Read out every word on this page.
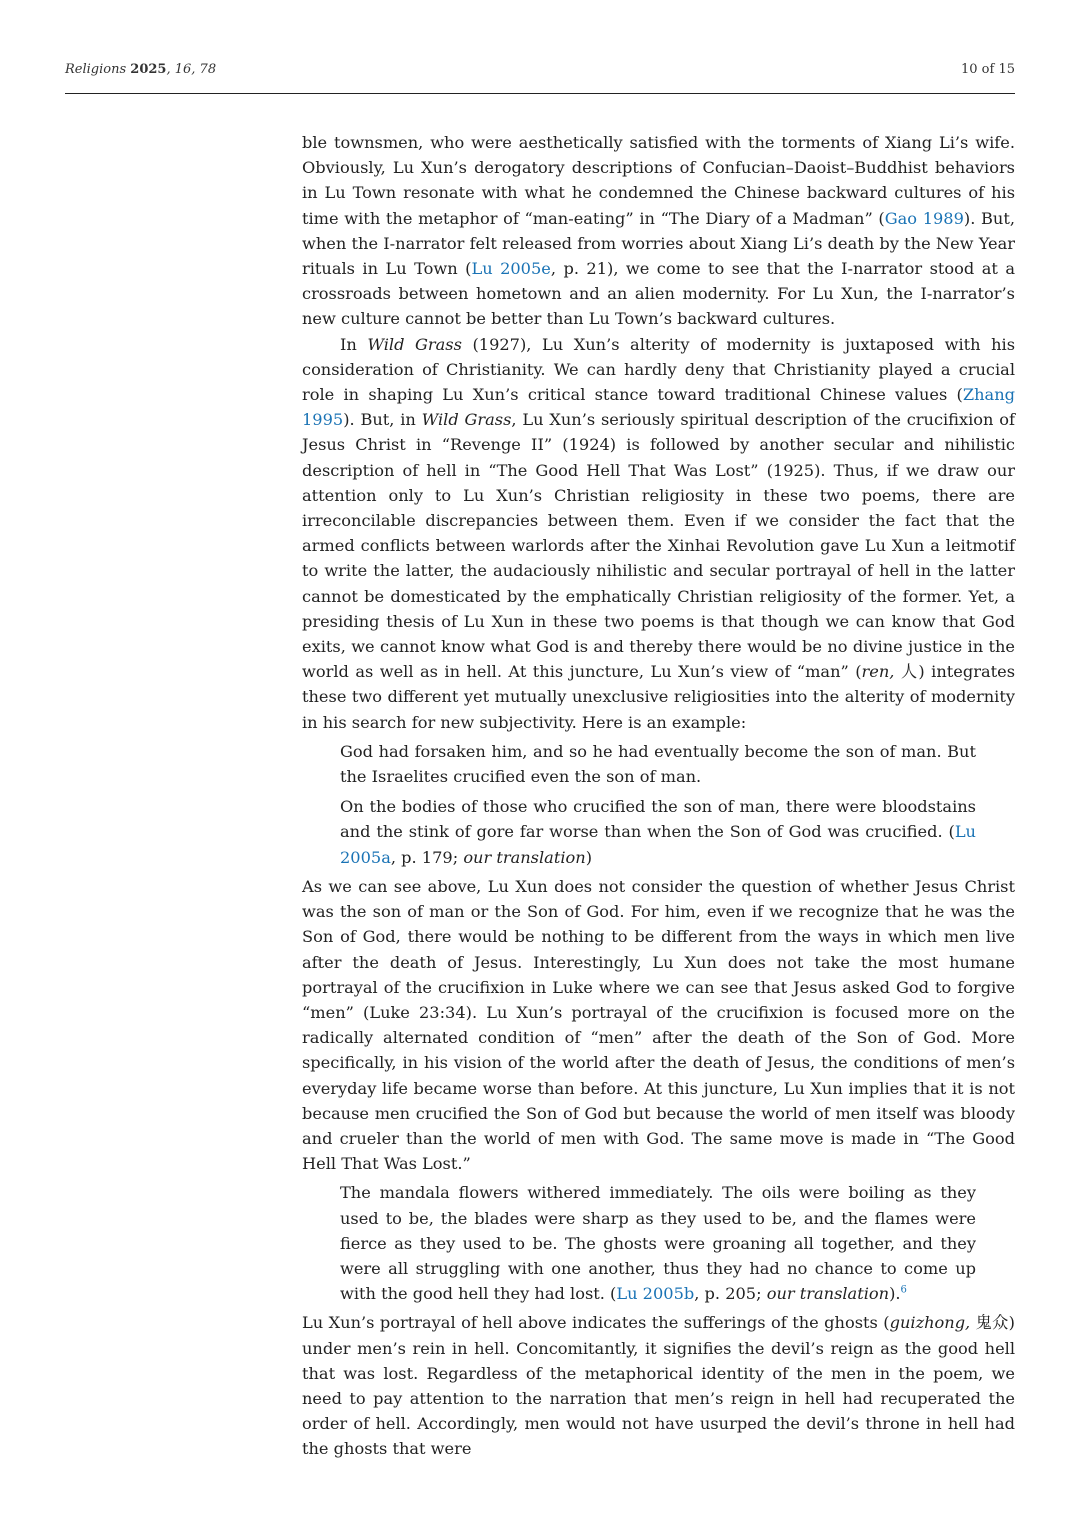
Religions 2025, 16, 78	10 of 15

ble townsmen, who were aesthetically satisfied with the torments of Xiang Li’s wife. Obviously, Lu Xun’s derogatory descriptions of Confucian–Daoist–Buddhist behaviors in Lu Town resonate with what he condemned the Chinese backward cultures of his time with the metaphor of “man-eating” in “The Diary of a Madman” (Gao 1989). But, when the I-narrator felt released from worries about Xiang Li’s death by the New Year rituals in Lu Town (Lu 2005e, p. 21), we come to see that the I-narrator stood at a crossroads between hometown and an alien modernity. For Lu Xun, the I-narrator’s new culture cannot be better than Lu Town’s backward cultures.

In Wild Grass (1927), Lu Xun’s alterity of modernity is juxtaposed with his consideration of Christianity. We can hardly deny that Christianity played a crucial role in shaping Lu Xun’s critical stance toward traditional Chinese values (Zhang 1995). But, in Wild Grass, Lu Xun’s seriously spiritual description of the crucifixion of Jesus Christ in “Revenge II” (1924) is followed by another secular and nihilistic description of hell in “The Good Hell That Was Lost” (1925). Thus, if we draw our attention only to Lu Xun’s Christian religiosity in these two poems, there are irreconcilable discrepancies between them. Even if we consider the fact that the armed conflicts between warlords after the Xinhai Revolution gave Lu Xun a leitmotif to write the latter, the audaciously nihilistic and secular portrayal of hell in the latter cannot be domesticated by the emphatically Christian religiosity of the former. Yet, a presiding thesis of Lu Xun in these two poems is that though we can know that God exits, we cannot know what God is and thereby there would be no divine justice in the world as well as in hell. At this juncture, Lu Xun’s view of “man” (ren, 人) integrates these two different yet mutually unexclusive religiosities into the alterity of modernity in his search for new subjectivity. Here is an example:

God had forsaken him, and so he had eventually become the son of man. But the Israelites crucified even the son of man.

On the bodies of those who crucified the son of man, there were bloodstains and the stink of gore far worse than when the Son of God was crucified. (Lu 2005a, p. 179; our translation)

As we can see above, Lu Xun does not consider the question of whether Jesus Christ was the son of man or the Son of God. For him, even if we recognize that he was the Son of God, there would be nothing to be different from the ways in which men live after the death of Jesus. Interestingly, Lu Xun does not take the most humane portrayal of the crucifixion in Luke where we can see that Jesus asked God to forgive “men” (Luke 23:34). Lu Xun’s portrayal of the crucifixion is focused more on the radically alternated condition of “men” after the death of the Son of God. More specifically, in his vision of the world after the death of Jesus, the conditions of men’s everyday life became worse than before. At this juncture, Lu Xun implies that it is not because men crucified the Son of God but because the world of men itself was bloody and crueler than the world of men with God. The same move is made in “The Good Hell That Was Lost.”

The mandala flowers withered immediately. The oils were boiling as they used to be, the blades were sharp as they used to be, and the flames were fierce as they used to be. The ghosts were groaning all together, and they were all struggling with one another, thus they had no chance to come up with the good hell they had lost. (Lu 2005b, p. 205; our translation).$^6$

Lu Xun’s portrayal of hell above indicates the sufferings of the ghosts (guizhong, 鬼众) under men’s rein in hell. Concomitantly, it signifies the devil’s reign as the good hell that was lost. Regardless of the metaphorical identity of the men in the poem, we need to pay attention to the narration that men’s reign in hell had recuperated the order of hell. Accordingly, men would not have usurped the devil’s throne in hell had the ghosts that were
